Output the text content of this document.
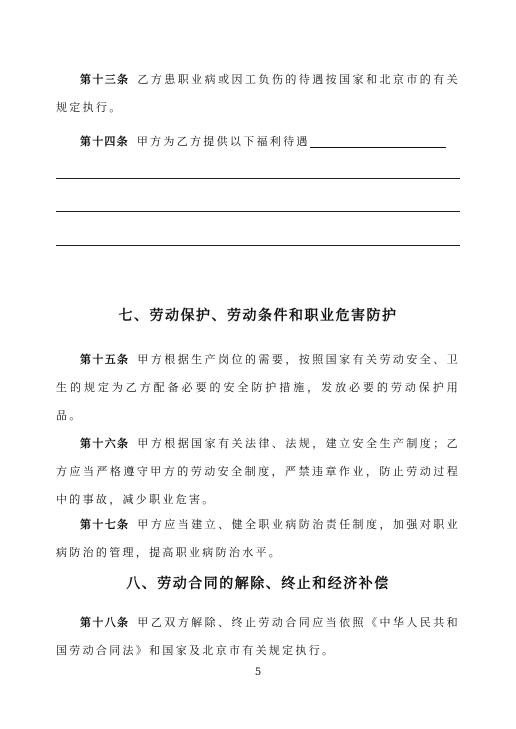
第十三条 乙方患职业病或因工负伤的待遇按国家和北京市的有关规定执行。
第十四条 甲方为乙方提供以下福利待遇
七、劳动保护、劳动条件和职业危害防护
第十五条 甲方根据生产岗位的需要，按照国家有关劳动安全、卫生的规定为乙方配备必要的安全防护措施，发放必要的劳动保护用品。
第十六条 甲方根据国家有关法律、法规，建立安全生产制度；乙方应当严格遵守甲方的劳动安全制度，严禁违章作业，防止劳动过程中的事故，减少职业危害。
第十七条 甲方应当建立、健全职业病防治责任制度，加强对职业病防治的管理，提高职业病防治水平。
八、劳动合同的解除、终止和经济补偿
第十八条 甲乙双方解除、终止劳动合同应当依照《中华人民共和国劳动合同法》和国家及北京市有关规定执行。
5
